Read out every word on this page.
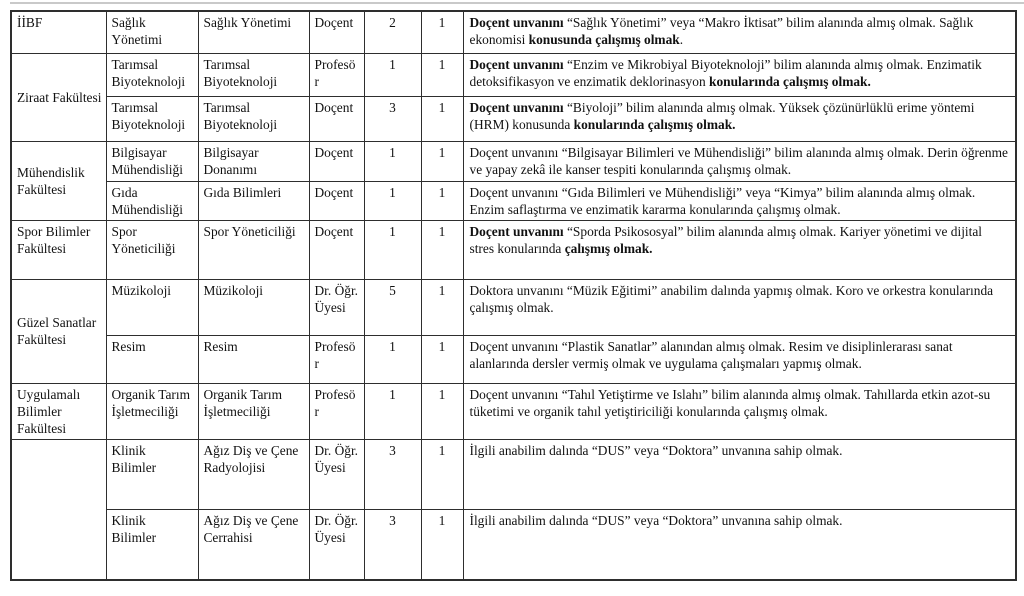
İİBF	Sağlık Yönetimi	Sağlık Yönetimi	Doçent	2	1	Doçent unvanını “Sağlık Yönetimi” veya “Makro İktisat” bilim alanında almış olmak. Sağlık ekonomisi konusunda çalışmış olmak.
Ziraat Fakültesi	Tarımsal Biyoteknoloji	Tarımsal Biyoteknoloji	Profesör	1	1	Doçent unvanını “Enzim ve Mikrobiyal Biyoteknoloji” bilim alanında almış olmak. Enzimatik detoksifikasyon ve enzimatik deklorinasyon konularında çalışmış olmak.
	Tarımsal Biyoteknoloji	Tarımsal Biyoteknoloji	Doçent	3	1	Doçent unvanını “Biyoloji” bilim alanında almış olmak. Yüksek çözünürlüklü erime yöntemi (HRM) konusunda konularında çalışmış olmak.
Mühendislik Fakültesi	Bilgisayar Mühendisliği	Bilgisayar Donanımı	Doçent	1	1	Doçent unvanını “Bilgisayar Bilimleri ve Mühendisliği” bilim alanında almış olmak. Derin öğrenme ve yapay zekâ ile kanser tespiti konularında çalışmış olmak.
	Gıda Mühendisliği	Gıda Bilimleri	Doçent	1	1	Doçent unvanını “Gıda Bilimleri ve Mühendisliği” veya “Kimya” bilim alanında almış olmak. Enzim saflaştırma ve enzimatik kararma konularında çalışmış olmak.
Spor Bilimler Fakültesi	Spor Yöneticiliği	Spor Yöneticiliği	Doçent	1	1	Doçent unvanını “Sporda Psikososyal” bilim alanında almış olmak. Kariyer yönetimi ve dijital stres konularında çalışmış olmak.
Güzel Sanatlar Fakültesi	Müzikoloji	Müzikoloji	Dr. Öğr. Üyesi	5	1	Doktora unvanını “Müzik Eğitimi” anabilim dalında yapmış olmak. Koro ve orkestra konularında çalışmış olmak.
	Resim	Resim	Profesör	1	1	Doçent unvanını “Plastik Sanatlar” alanından almış olmak. Resim ve disiplinlerarası sanat alanlarında dersler vermiş olmak ve uygulama çalışmaları yapmış olmak.
Uygulamalı Bilimler Fakültesi	Organik Tarım İşletmeciliği	Organik Tarım İşletmeciliği	Profesör	1	1	Doçent unvanını “Tahıl Yetiştirme ve Islahı” bilim alanında almış olmak. Tahıllarda etkin azot-su tüketimi ve organik tahıl yetiştiriciliği konularında çalışmış olmak.
	Klinik Bilimler	Ağız Diş ve Çene Radyolojisi	Dr. Öğr. Üyesi	3	1	İlgili anabilim dalında “DUS” veya “Doktora” unvanına sahip olmak.
	Klinik Bilimler	Ağız Diş ve Çene Cerrahisi	Dr. Öğr. Üyesi	3	1	İlgili anabilim dalında “DUS” veya “Doktora” unvanına sahip olmak.
